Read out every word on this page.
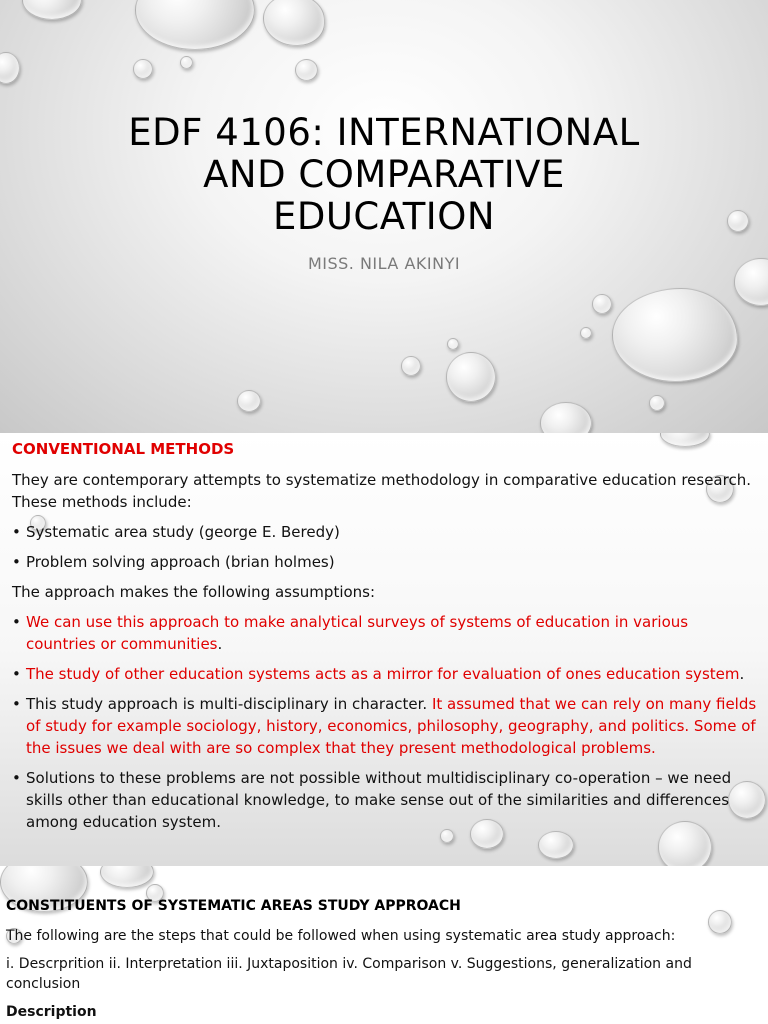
EDF 4106: INTERNATIONAL AND COMPARATIVE EDUCATION
MISS. NILA AKINYI
CONVENTIONAL METHODS

They are contemporary attempts to systematize methodology in comparative education research. These methods include:

• Systematic area study (george E. Beredy)

• Problem solving approach (brian holmes)

The approach makes the following assumptions:

• We can use this approach to make analytical surveys of systems of education in various countries or communities.

• The study of other education systems acts as a mirror for evaluation of ones education system.

• This study approach is multi-disciplinary in character. It assumed that we can rely on many fields of study for example sociology, history, economics, philosophy, geography, and politics. Some of the issues we deal with are so complex that they present methodological problems.

• Solutions to these problems are not possible without multidisciplinary co-operation – we need skills other than educational knowledge, to make sense out of the similarities and differences among education system.

CONSTITUENTS OF SYSTEMATIC AREAS STUDY APPROACH

The following are the steps that could be followed when using systematic area study approach:

i. Descrprition ii. Interpretation iii. Juxtaposition iv. Comparison v. Suggestions, generalization and conclusion

Description
